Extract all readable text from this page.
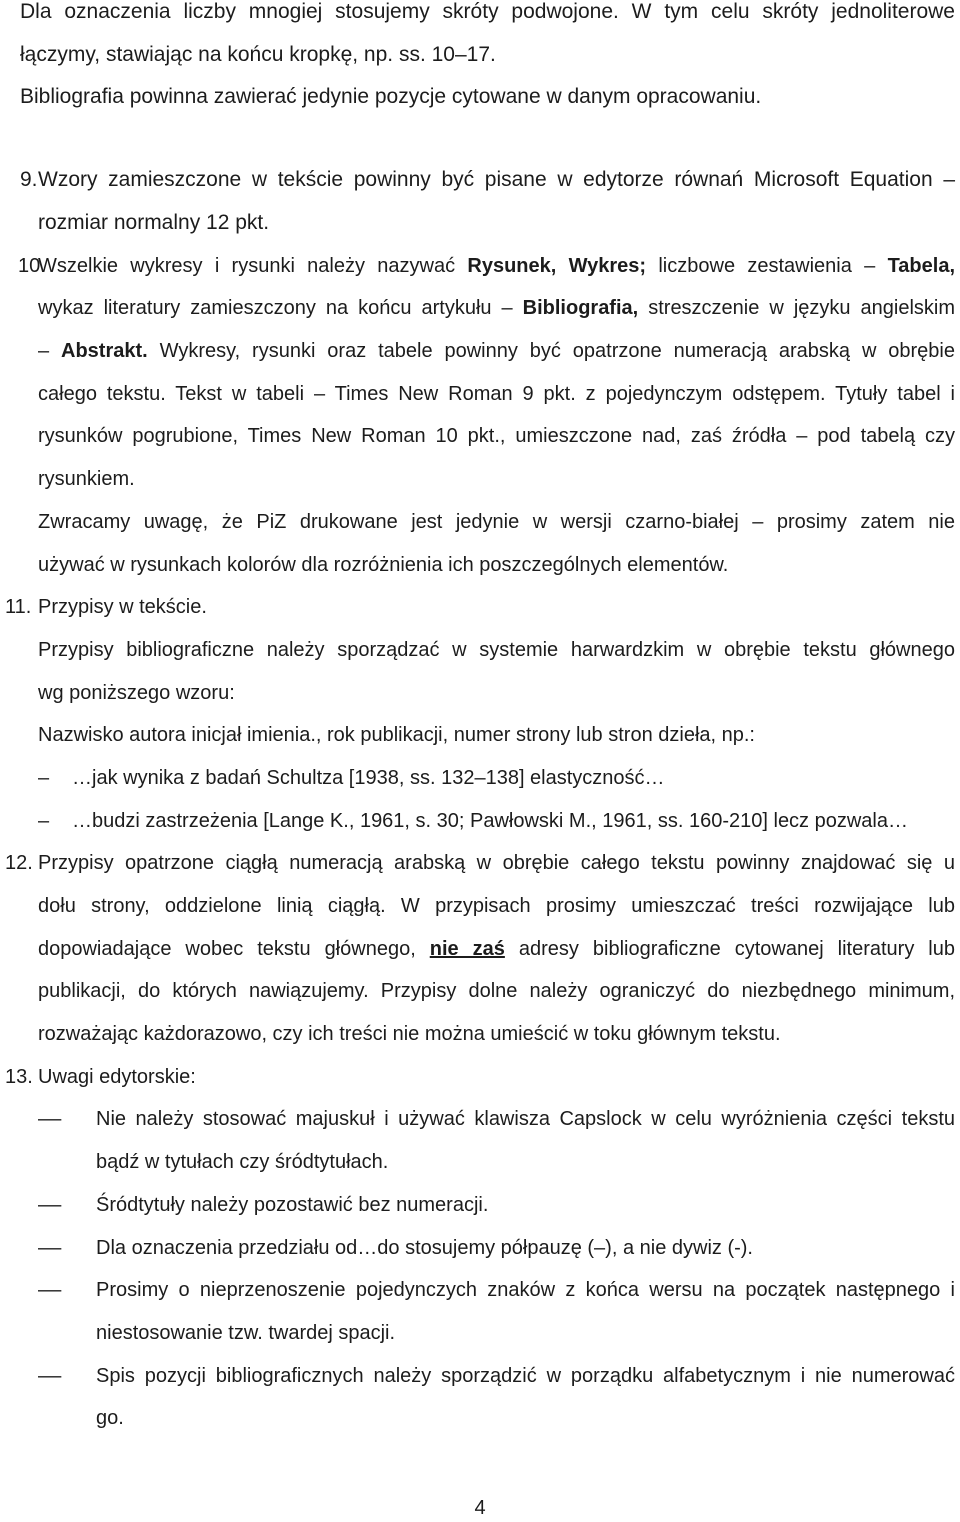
Dla oznaczenia liczby mnogiej stosujemy skróty podwojone. W tym celu skróty jednoliterowe
łączymy, stawiając na końcu kropkę, np. ss. 10–17.
Bibliografia powinna zawierać jedynie pozycje cytowane w danym opracowaniu.
9. Wzory zamieszczone w tekście powinny być pisane w edytorze równań Microsoft Equation –
rozmiar normalny 12 pkt.
10.
Wszelkie wykresy i rysunki należy nazywać Rysunek, Wykres; liczbowe zestawienia – Tabela,
wykaz literatury zamieszczony na końcu artykułu – Bibliografia, streszczenie w języku angielskim
– Abstrakt. Wykresy, rysunki oraz tabele powinny być opatrzone numeracją arabską w obrębie
całego tekstu. Tekst w tabeli – Times New Roman 9 pkt. z pojedynczym odstępem. Tytuły tabel i
rysunków pogrubione, Times New Roman 10 pkt., umieszczone nad, zaś źródła – pod tabelą czy
rysunkiem.
Zwracamy uwagę, że PiZ drukowane jest jedynie w wersji czarno-białej – prosimy zatem nie
używać w rysunkach kolorów dla rozróżnienia ich poszczególnych elementów.
11. Przypisy w tekście.
Przypisy bibliograficzne należy sporządzać w systemie harwardzkim w obrębie tekstu głównego
wg poniższego wzoru:
Nazwisko autora inicjał imienia., rok publikacji, numer strony lub stron dzieła, np.:
– …jak wynika z badań Schultza [1938, ss. 132–138] elastyczność…
– …budzi zastrzeżenia [Lange K., 1961, s. 30; Pawłowski M., 1961, ss. 160-210] lecz pozwala…
12. Przypisy opatrzone ciągłą numeracją arabską w obrębie całego tekstu powinny znajdować się u
dołu strony, oddzielone linią ciągłą. W przypisach prosimy umieszczać treści rozwijające lub
dopowiadające wobec tekstu głównego, nie zaś adresy bibliograficzne cytowanej literatury lub
publikacji, do których nawiązujemy. Przypisy dolne należy ograniczyć do niezbędnego minimum,
rozważając każdorazowo, czy ich treści nie można umieścić w toku głównym tekstu.
13. Uwagi edytorskie:
– Nie należy stosować majuskuł i używać klawisza Capslock w celu wyróżnienia części tekstu
bądź w tytułach czy śródtytułach.
– Śródtytuły należy pozostawić bez numeracji.
– Dla oznaczenia przedziału od…do stosujemy półpauzę (–), a nie dywiz (-).
– Prosimy o nieprzenoszenie pojedynczych znaków z końca wersu na początek następnego i
niestosowanie tzw. twardej spacji.
– Spis pozycji bibliograficznych należy sporządzić w porządku alfabetycznym i nie numerować
go.
4
